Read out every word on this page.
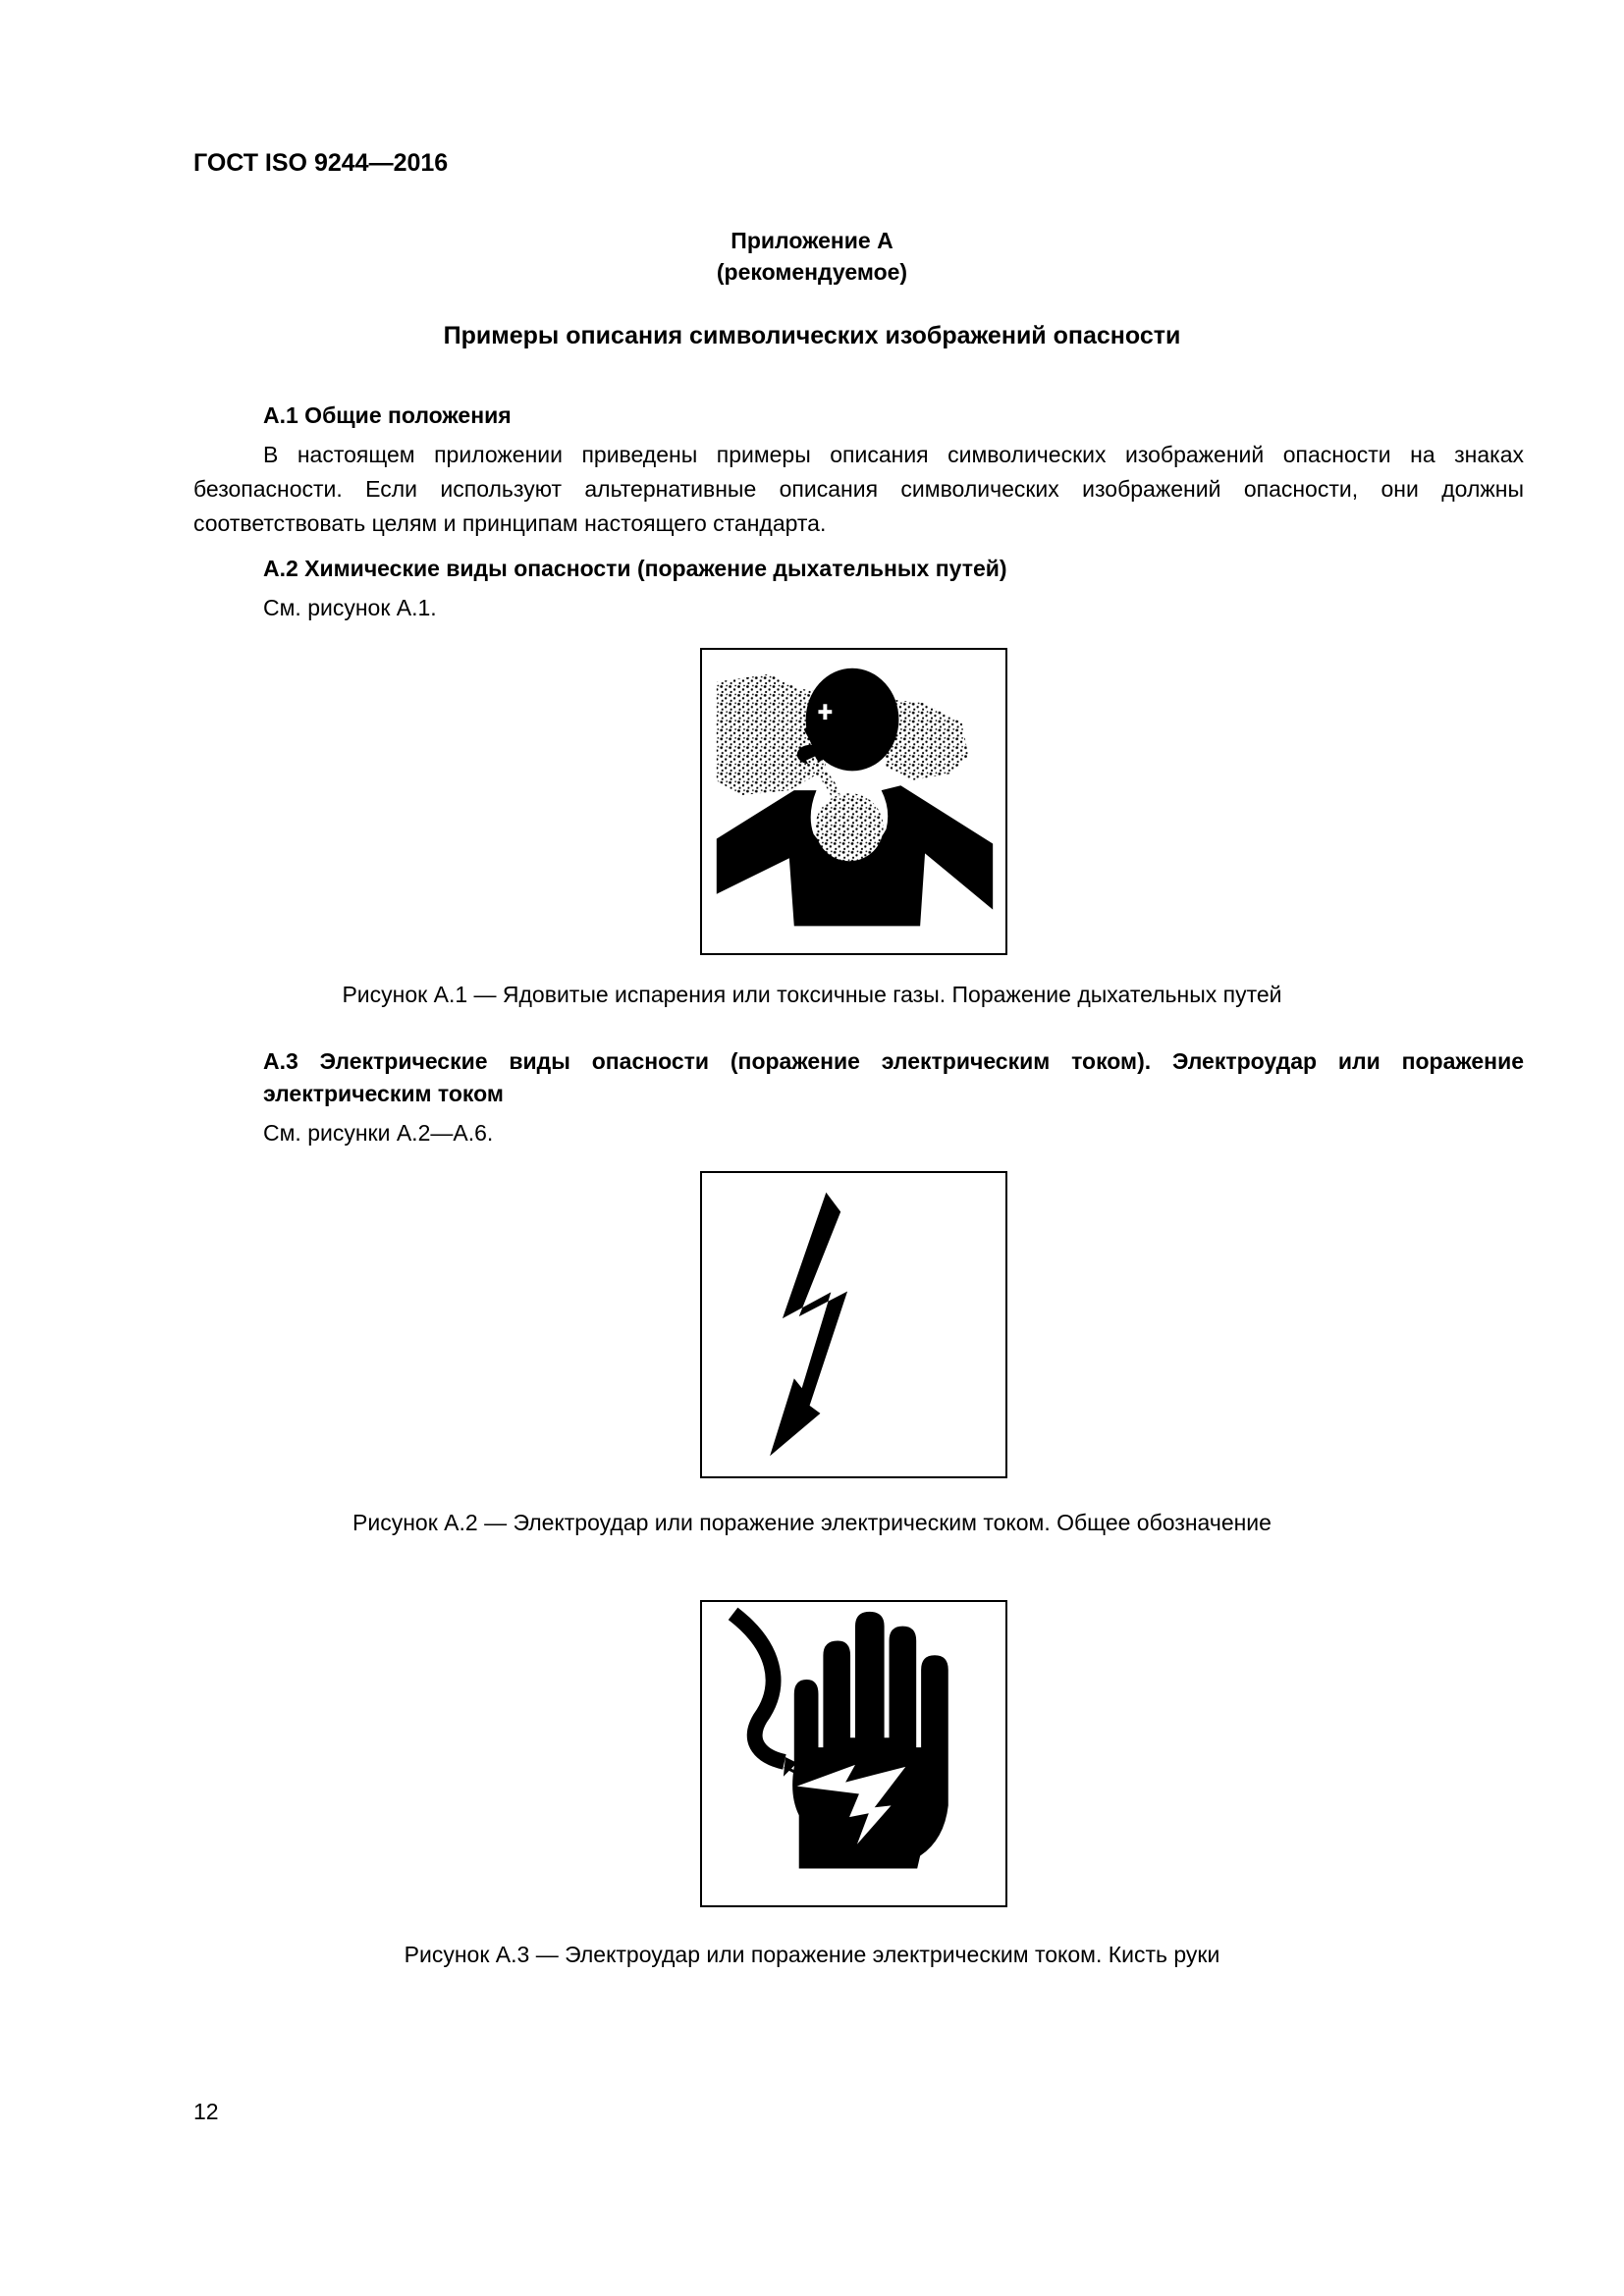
ГОСТ ISO 9244—2016
Приложение А
(рекомендуемое)
Примеры описания символических изображений опасности
А.1 Общие положения
В настоящем приложении приведены примеры описания символических изображений опасности на знаках безопасности. Если используют альтернативные описания символических изображений опасности, они должны соответствовать целям и принципам настоящего стандарта.
А.2 Химические виды опасности (поражение дыхательных путей)
См. рисунок А.1.
Рисунок А.1 — Ядовитые испарения или токсичные газы. Поражение дыхательных путей
А.3 Электрические виды опасности (поражение электрическим током). Электроудар или поражение электрическим током
См. рисунки А.2—А.6.
Рисунок А.2 — Электроудар или поражение электрическим током. Общее обозначение
Рисунок А.3 — Электроудар или поражение электрическим током. Кисть руки
12
